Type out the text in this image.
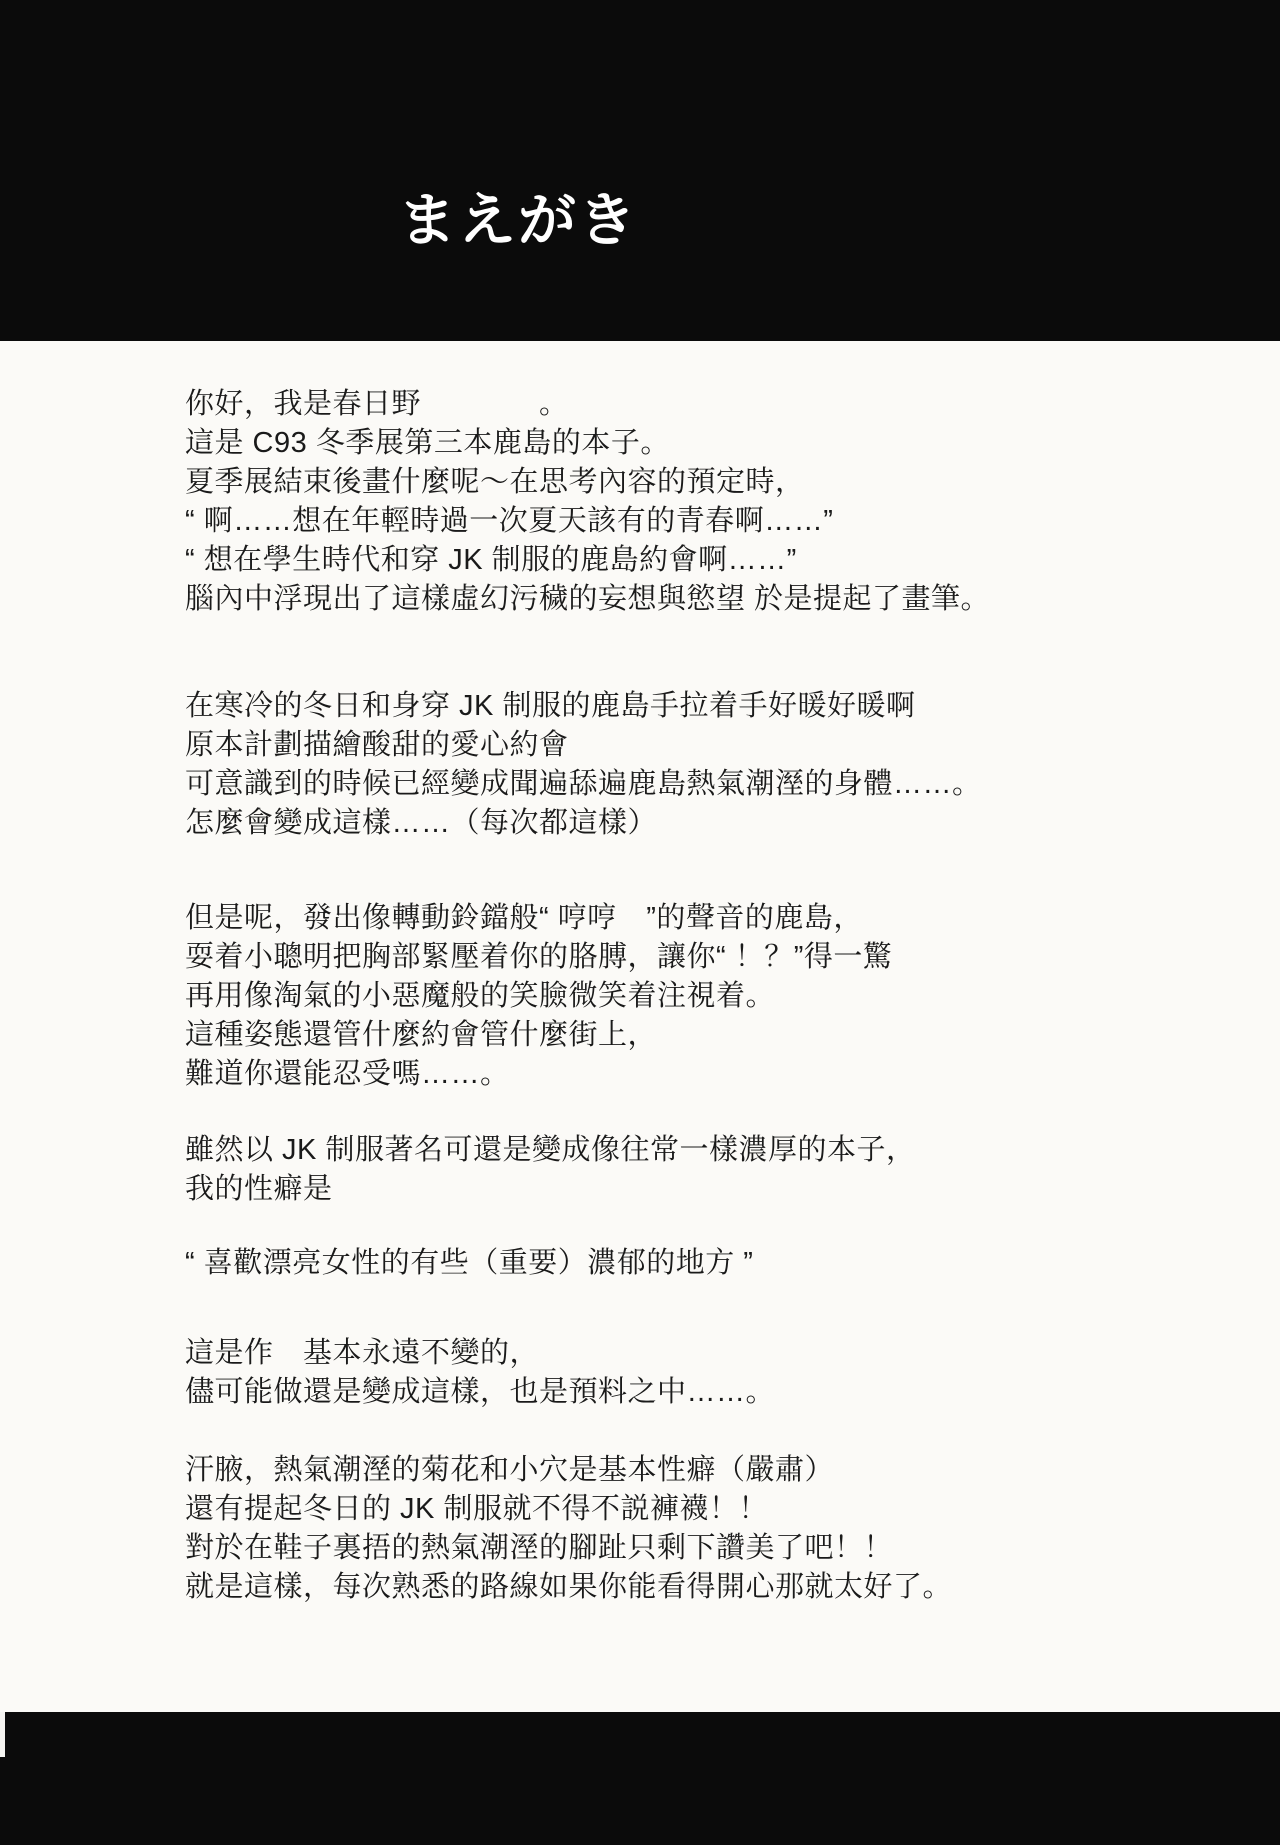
まえがき
你好，我是春日野　　　　。
這是 C93 冬季展第三本鹿島的本子。
夏季展結束後畫什麼呢～在思考內容的預定時，
“ 啊……想在年輕時過一次夏天該有的青春啊……”
“ 想在學生時代和穿 JK 制服的鹿島約會啊……”
腦內中浮現出了這樣虛幻污穢的妄想與慾望 於是提起了畫筆。
在寒冷的冬日和身穿 JK 制服的鹿島手拉着手好暖好暖啊
原本計劃描繪酸甜的愛心約會
可意識到的時候已經變成聞遍舔遍鹿島熱氣潮溼的身體……。
怎麼會變成這樣……（每次都這樣）
但是呢，發出像轉動鈴鐺般“ 哼哼　”的聲音的鹿島，
耍着小聰明把胸部緊壓着你的胳膊，讓你“ ！？”得一驚
再用像淘氣的小惡魔般的笑臉微笑着注視着。
這種姿態還管什麼約會管什麼街上，
難道你還能忍受嗎……。
雖然以 JK 制服著名可還是變成像往常一樣濃厚的本子，
我的性癖是
“ 喜歡漂亮女性的有些（重要）濃郁的地方 ”
這是作　基本永遠不變的，
儘可能做還是變成這樣，也是預料之中……。
汗腋，熱氣潮溼的菊花和小穴是基本性癖（嚴肅）
還有提起冬日的 JK 制服就不得不説褲襪！！
對於在鞋子裏捂的熱氣潮溼的腳趾只剩下讚美了吧！！
就是這樣，每次熟悉的路線如果你能看得開心那就太好了。
